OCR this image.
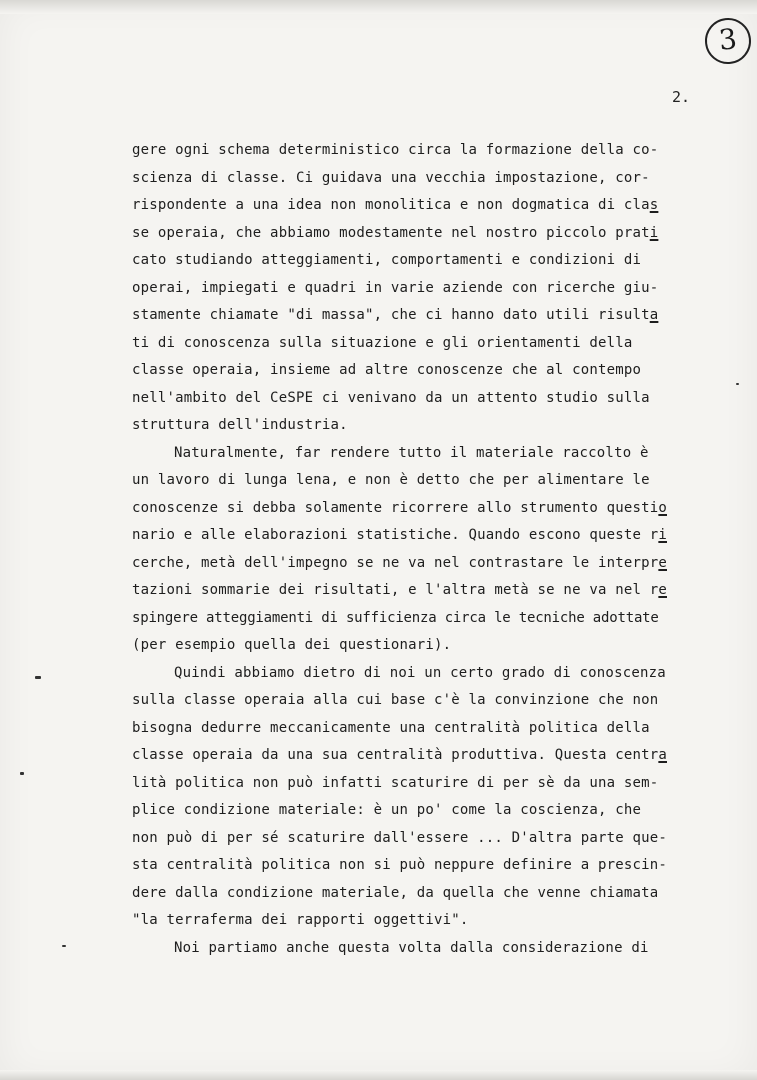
3
2.
gere ogni schema deterministico circa la formazione della co-
scienza di classe. Ci guidava una vecchia impostazione, cor-
rispondente a una idea non monolitica e non dogmatica di clas
se operaia, che abbiamo modestamente nel nostro piccolo prati
cato studiando atteggiamenti, comportamenti e condizioni di
operai, impiegati e quadri in varie aziende con ricerche giu-
stamente chiamate "di massa", che ci hanno dato utili risulta
ti di conoscenza sulla situazione e gli orientamenti della
classe operaia, insieme ad altre conoscenze che al contempo
nell'ambito del CeSPE ci venivano da un attento studio sulla
struttura dell'industria.
Naturalmente, far rendere tutto il materiale raccolto è
un lavoro di lunga lena, e non è detto che per alimentare le
conoscenze si debba solamente ricorrere allo strumento questio
nario e alle elaborazioni statistiche. Quando escono queste ri
cerche, metà dell'impegno se ne va nel contrastare le interpre
tazioni sommarie dei risultati, e l'altra metà se ne va nel re
spingere atteggiamenti di sufficienza circa le tecniche adottate
(per esempio quella dei questionari).
Quindi abbiamo dietro di noi un certo grado di conoscenza
sulla classe operaia alla cui base c'è la convinzione che non
bisogna dedurre meccanicamente una centralità politica della
classe operaia da una sua centralità produttiva. Questa centra
lità politica non può infatti scaturire di per sè da una sem-
plice condizione materiale: è un po' come la coscienza, che
non può di per sé scaturire dall'essere ... D'altra parte que-
sta centralità politica non si può neppure definire a prescin-
dere dalla condizione materiale, da quella che venne chiamata
"la terraferma dei rapporti oggettivi".
Noi partiamo anche questa volta dalla considerazione di
